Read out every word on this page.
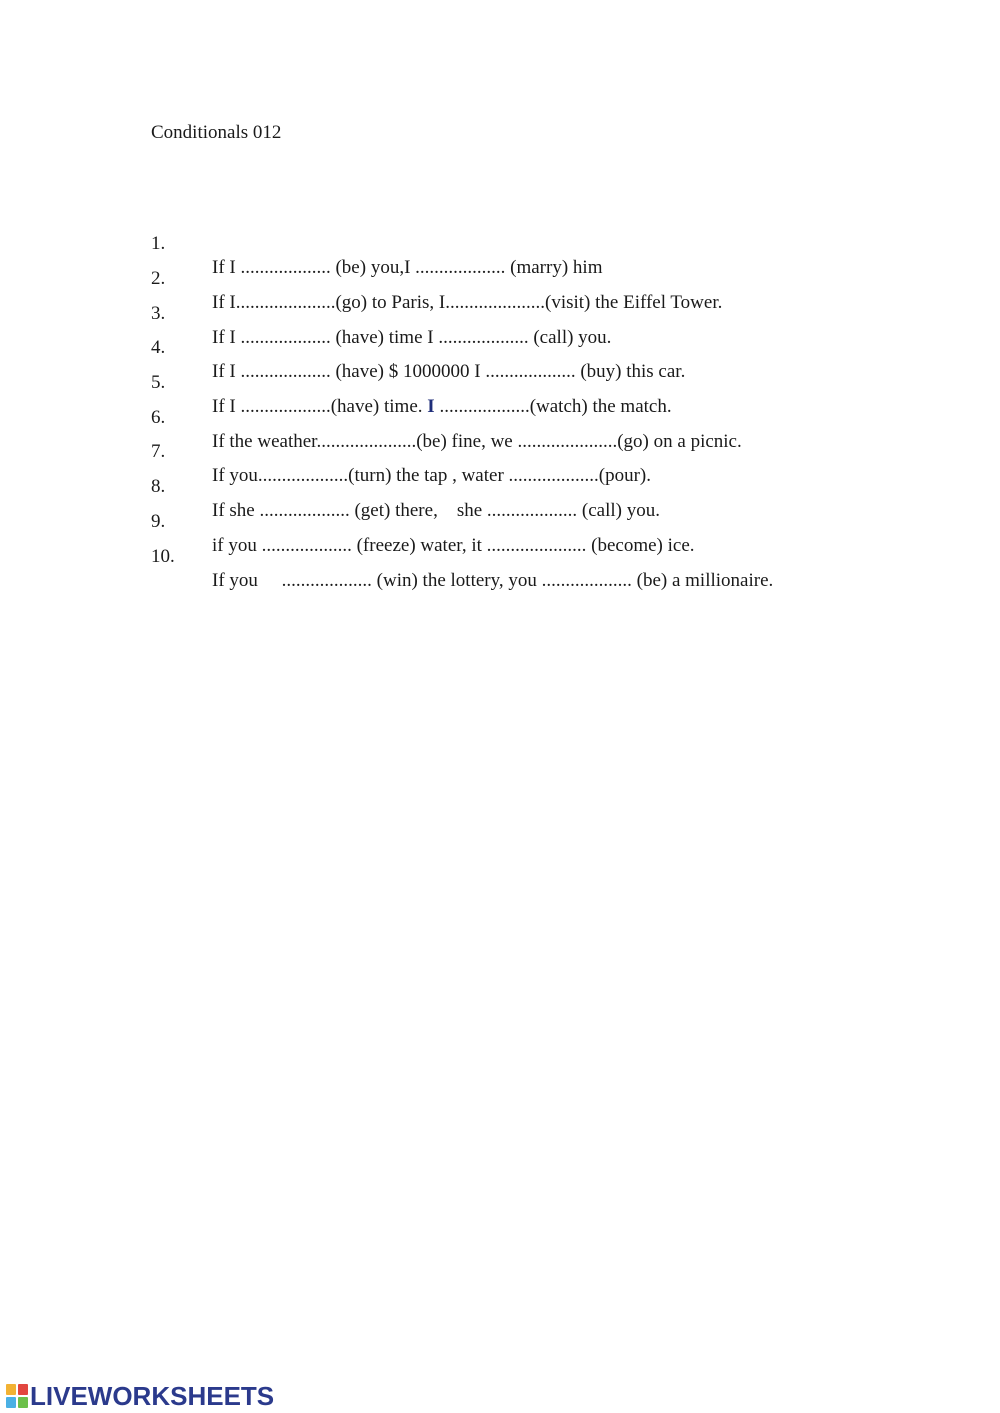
Conditionals 012

1.

If I ................... (be) you,I ................... (marry) him

2.

If I.....................(go) to Paris, I.....................(visit) the Eiffel Tower.

3.

If I ................... (have) time I ................... (call) you.

4.

If I ................... (have) $ 1000000 I ................... (buy) this car.

5.

If I ...................(have) time. I ...................(watch) the match.

6.

If the weather.....................(be) fine, we .....................(go) on a picnic.

7.

If you...................(turn) the tap , water ...................(pour).

8.

If she ................... (get) there,    she ................... (call) you.

9.

if you ................... (freeze) water, it ..................... (become) ice.

10.

If you     ................... (win) the lottery, you ................... (be) a millionaire.

LIVEWORKSHEETS
